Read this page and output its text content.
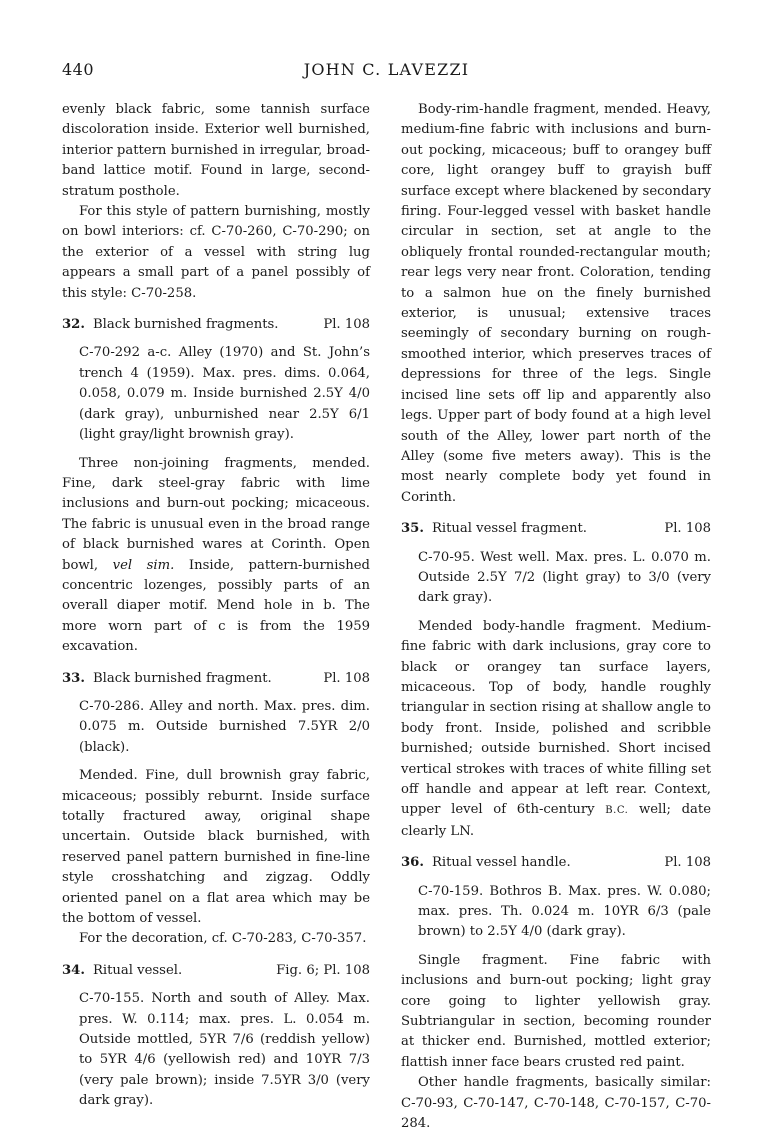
440	JOHN C. LAVEZZI

evenly black fabric, some tannish surface discoloration inside. Exterior well burnished, interior pattern burnished in irregular, broad-band lattice motif. Found in large, second-stratum posthole.

For this style of pattern burnishing, mostly on bowl interiors: cf. C-70-260, C-70-290; on the exterior of a vessel with string lug appears a small part of a panel possibly of this style: C-70-258.

32. Black burnished fragments.	Pl. 108

C-70-292 a-c. Alley (1970) and St. John’s trench 4 (1959). Max. pres. dims. 0.064, 0.058, 0.079 m. Inside burnished 2.5Y 4/0 (dark gray), unburnished near 2.5Y 6/1 (light gray/light brownish gray).

Three non-joining fragments, mended. Fine, dark steel-gray fabric with lime inclusions and burn-out pocking; micaceous. The fabric is unusual even in the broad range of black burnished wares at Corinth. Open bowl, vel sim. Inside, pattern-burnished concentric lozenges, possibly parts of an overall diaper motif. Mend hole in b. The more worn part of c is from the 1959 excavation.

33. Black burnished fragment.	Pl. 108

C-70-286. Alley and north. Max. pres. dim. 0.075 m. Outside burnished 7.5YR 2/0 (black).

Mended. Fine, dull brownish gray fabric, micaceous; possibly reburnt. Inside surface totally fractured away, original shape uncertain. Outside black burnished, with reserved panel pattern burnished in fine-line style crosshatching and zigzag. Oddly oriented panel on a flat area which may be the bottom of vessel.

For the decoration, cf. C-70-283, C-70-357.

34. Ritual vessel.	Fig. 6; Pl. 108

C-70-155. North and south of Alley. Max. pres. W. 0.114; max. pres. L. 0.054 m. Outside mottled, 5YR 7/6 (reddish yellow) to 5YR 4/6 (yellowish red) and 10YR 7/3 (very pale brown); inside 7.5YR 3/0 (very dark gray).

Body-rim-handle fragment, mended. Heavy, medium-fine fabric with inclusions and burn-out pocking, micaceous; buff to orangey buff core, light orangey buff to grayish buff surface except where blackened by secondary firing. Four-legged vessel with basket handle circular in section, set at angle to the obliquely frontal rounded-rectangular mouth; rear legs very near front. Coloration, tending to a salmon hue on the finely burnished exterior, is unusual; extensive traces seemingly of secondary burning on rough-smoothed interior, which preserves traces of depressions for three of the legs. Single incised line sets off lip and apparently also legs. Upper part of body found at a high level south of the Alley, lower part north of the Alley (some five meters away). This is the most nearly complete body yet found in Corinth.

35. Ritual vessel fragment.	Pl. 108

C-70-95. West well. Max. pres. L. 0.070 m. Outside 2.5Y 7/2 (light gray) to 3/0 (very dark gray).

Mended body-handle fragment. Medium-fine fabric with dark inclusions, gray core to black or orangey tan surface layers, micaceous. Top of body, handle roughly triangular in section rising at shallow angle to body front. Inside, polished and scribble burnished; outside burnished. Short incised vertical strokes with traces of white filling set off handle and appear at left rear. Context, upper level of 6th-century B.C. well; date clearly LN.

36. Ritual vessel handle.	Pl. 108

C-70-159. Bothros B. Max. pres. W. 0.080; max. pres. Th. 0.024 m. 10YR 6/3 (pale brown) to 2.5Y 4/0 (dark gray).

Single fragment. Fine fabric with inclusions and burn-out pocking; light gray core going to lighter yellowish gray. Subtriangular in section, becoming rounder at thicker end. Burnished, mottled exterior; flattish inner face bears crusted red paint.

Other handle fragments, basically similar: C-70-93, C-70-147, C-70-148, C-70-157, C-70-284.
